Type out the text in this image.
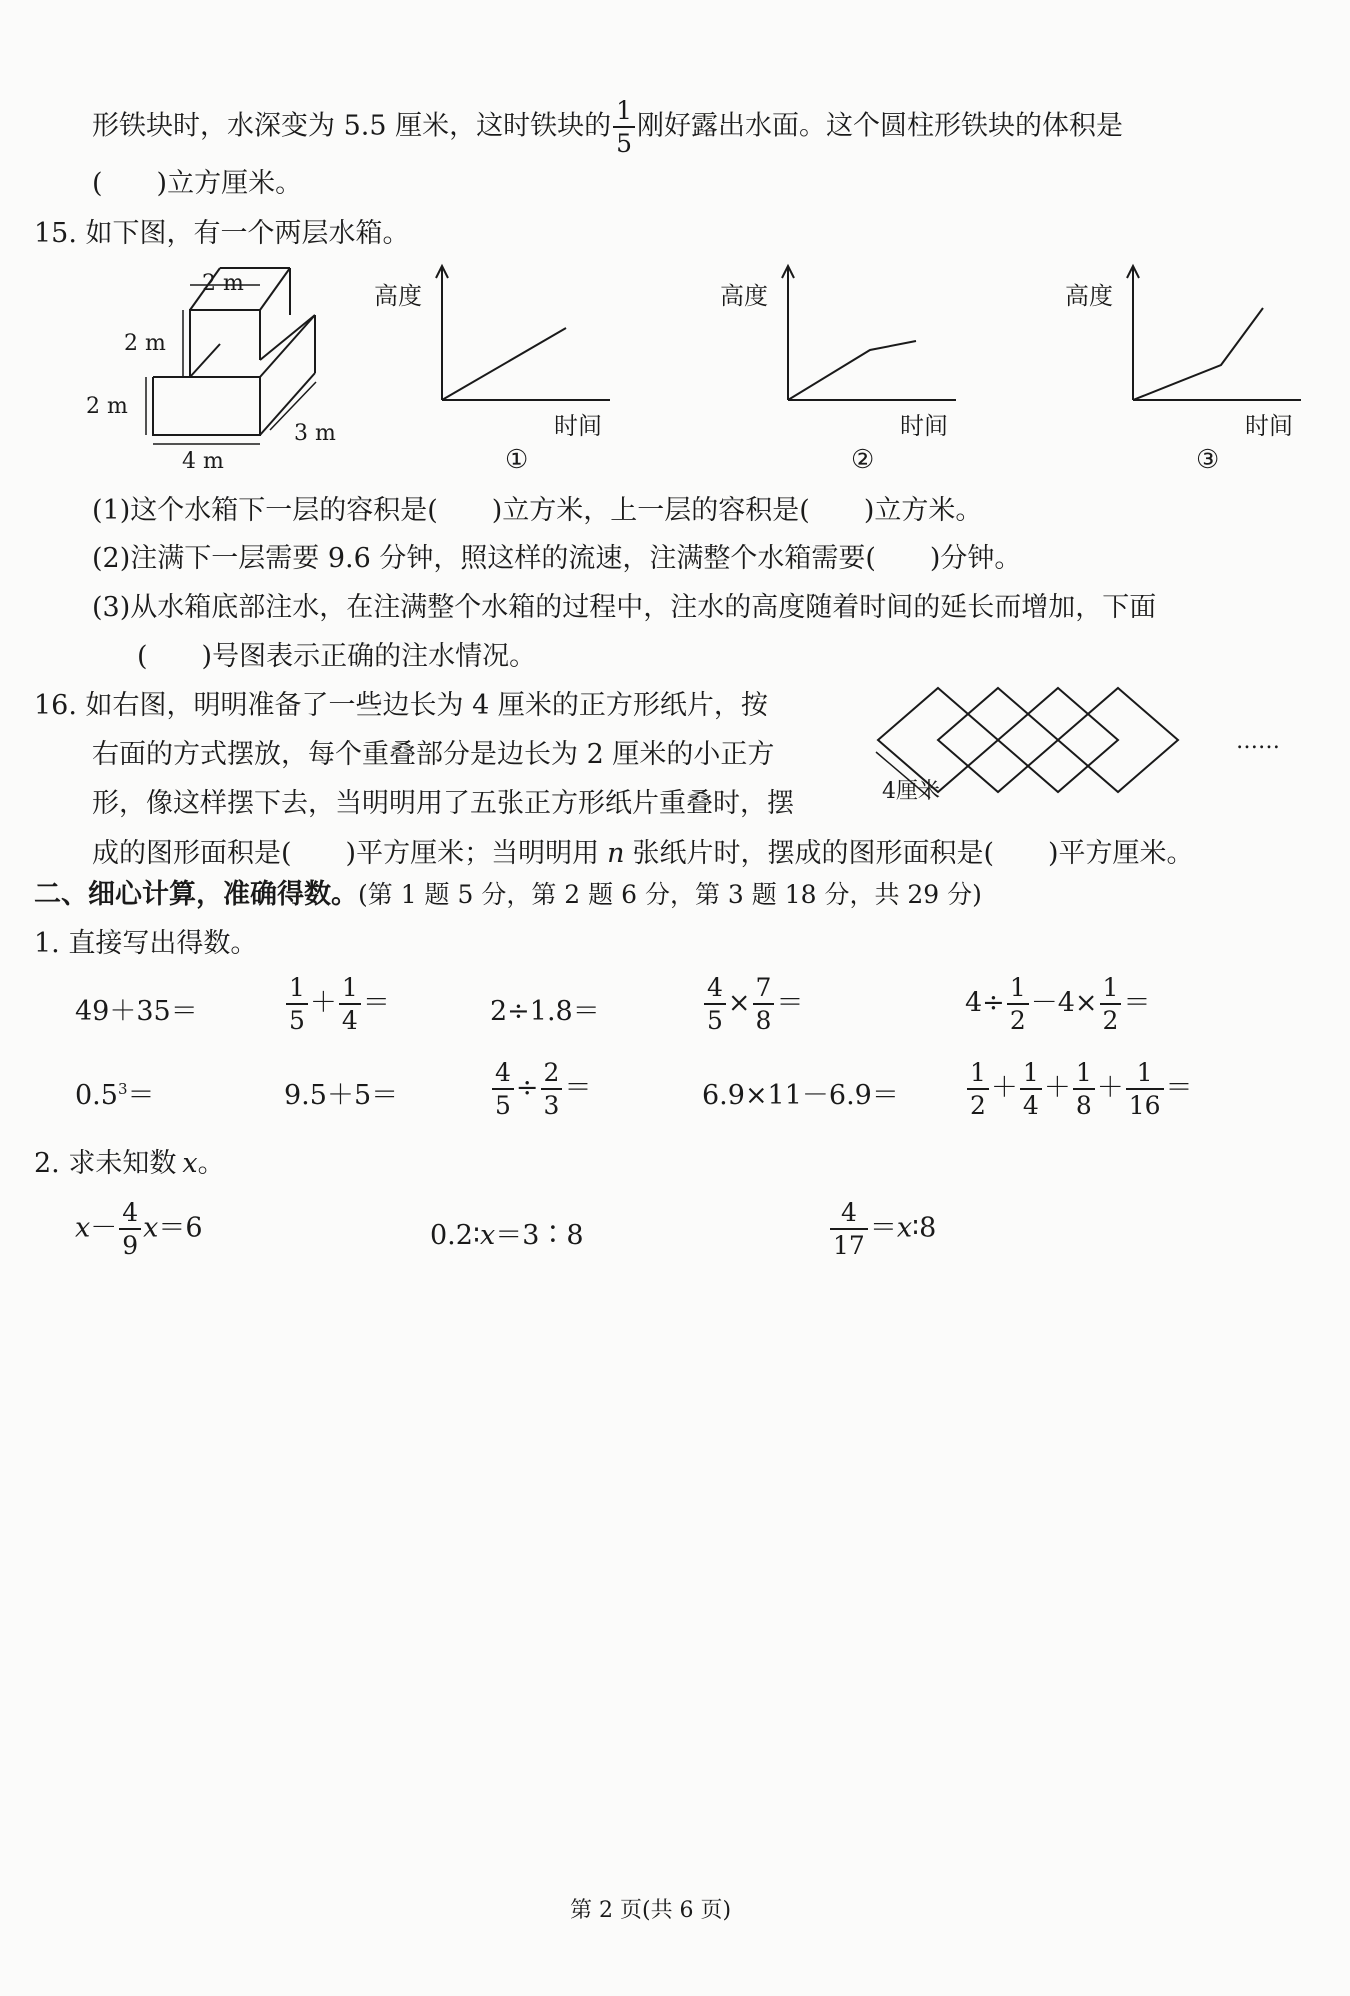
形铁块时，水深变为 5.5 厘米，这时铁块的 $\frac{1}{5}$ 刚好露出水面。这个圆柱形铁块的体积是
(　　)立方厘米。
15. 如下图，有一个两层水箱。
2 m
2 m
2 m
4 m
3 m
高度
时间
①
高度
时间
②
高度
时间
③
(1)这个水箱下一层的容积是(　　)立方米，上一层的容积是(　　)立方米。
(2)注满下一层需要 9.6 分钟，照这样的流速，注满整个水箱需要(　　)分钟。
(3)从水箱底部注水，在注满整个水箱的过程中，注水的高度随着时间的延长而增加，下面
(　　)号图表示正确的注水情况。
16. 如右图，明明准备了一些边长为 4 厘米的正方形纸片，按
右面的方式摆放，每个重叠部分是边长为 2 厘米的小正方
形，像这样摆下去，当明明用了五张正方形纸片重叠时，摆
成的图形面积是(　　)平方厘米；当明明用 n 张纸片时，摆成的图形面积是(　　)平方厘米。
4厘米
……
二、细心计算，准确得数。(第 1 题 5 分，第 2 题 6 分，第 3 题 18 分，共 29 分)
1. 直接写出得数。
49＋35＝	$\frac{1}{5} + \frac{1}{4}$ ＝	2÷1.8＝	$\frac{4}{5} \times \frac{7}{8}$ ＝	$4\div \frac{1}{2} -4\times \frac{1}{2}$ ＝
$0.5^3=$	9.5＋5＝	$\frac{4}{5} \div \frac{2}{3}$ ＝	6.9×11－6.9＝	$\frac{1}{2} + \frac{1}{4} + \frac{1}{8} + \frac{1}{16}$ ＝
2. 求未知数 x。
$x- \frac{4}{9} x=6$	0.2∶x＝3∶8	$\frac{4}{17}$ ＝x∶8
第 2 页(共 6 页)
